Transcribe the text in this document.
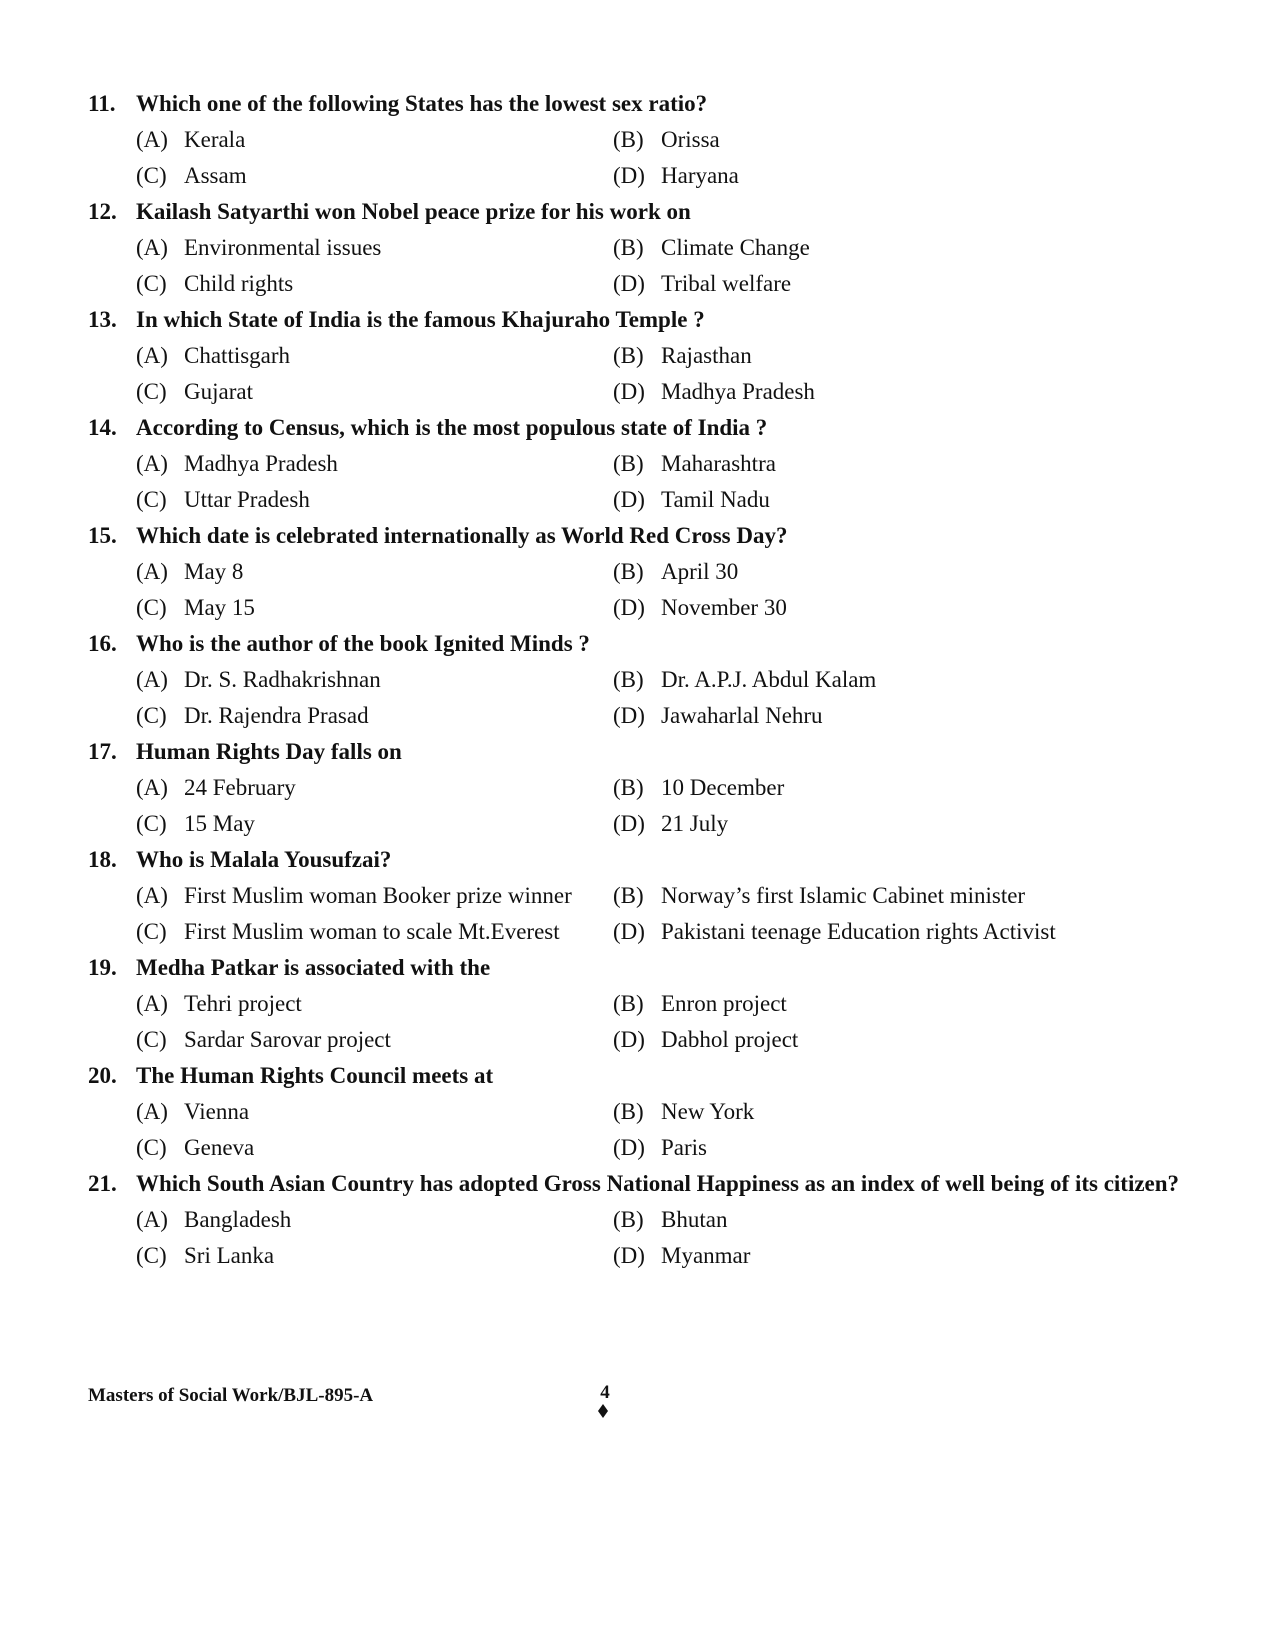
11. Which one of the following States has the lowest sex ratio?
(A) Kerala	(B) Orissa
(C) Assam	(D) Haryana
12. Kailash Satyarthi won Nobel peace prize for his work on
(A) Environmental issues	(B) Climate Change
(C) Child rights	(D) Tribal welfare
13. In which State of India is the famous Khajuraho Temple ?
(A) Chattisgarh	(B) Rajasthan
(C) Gujarat	(D) Madhya Pradesh
14. According to Census, which is the most populous state of India ?
(A) Madhya Pradesh	(B) Maharashtra
(C) Uttar Pradesh	(D) Tamil Nadu
15. Which date is celebrated internationally as World Red Cross Day?
(A) May 8	(B) April 30
(C) May 15	(D) November 30
16. Who is the author of the book Ignited Minds ?
(A) Dr. S. Radhakrishnan	(B) Dr. A.P.J. Abdul Kalam
(C) Dr. Rajendra Prasad	(D) Jawaharlal Nehru
17. Human Rights Day falls on
(A) 24 February	(B) 10 December
(C) 15 May	(D) 21 July
18. Who is Malala Yousufzai?
(A) First Muslim woman Booker prize winner (B) Norway’s first Islamic Cabinet minister
(C) First Muslim woman to scale Mt.Everest (D) Pakistani teenage Education rights Activist
19. Medha Patkar is associated with the
(A) Tehri project	(B) Enron project
(C) Sardar Sarovar project	(D) Dabhol project
20. The Human Rights Council meets at
(A) Vienna	(B) New York
(C) Geneva	(D) Paris
21. Which South Asian Country has adopted Gross National Happiness as an index of well being of its citizen?
(A) Bangladesh	(B) Bhutan
(C) Sri Lanka	(D) Myanmar
Masters of Social Work/BJL-895-A	4
